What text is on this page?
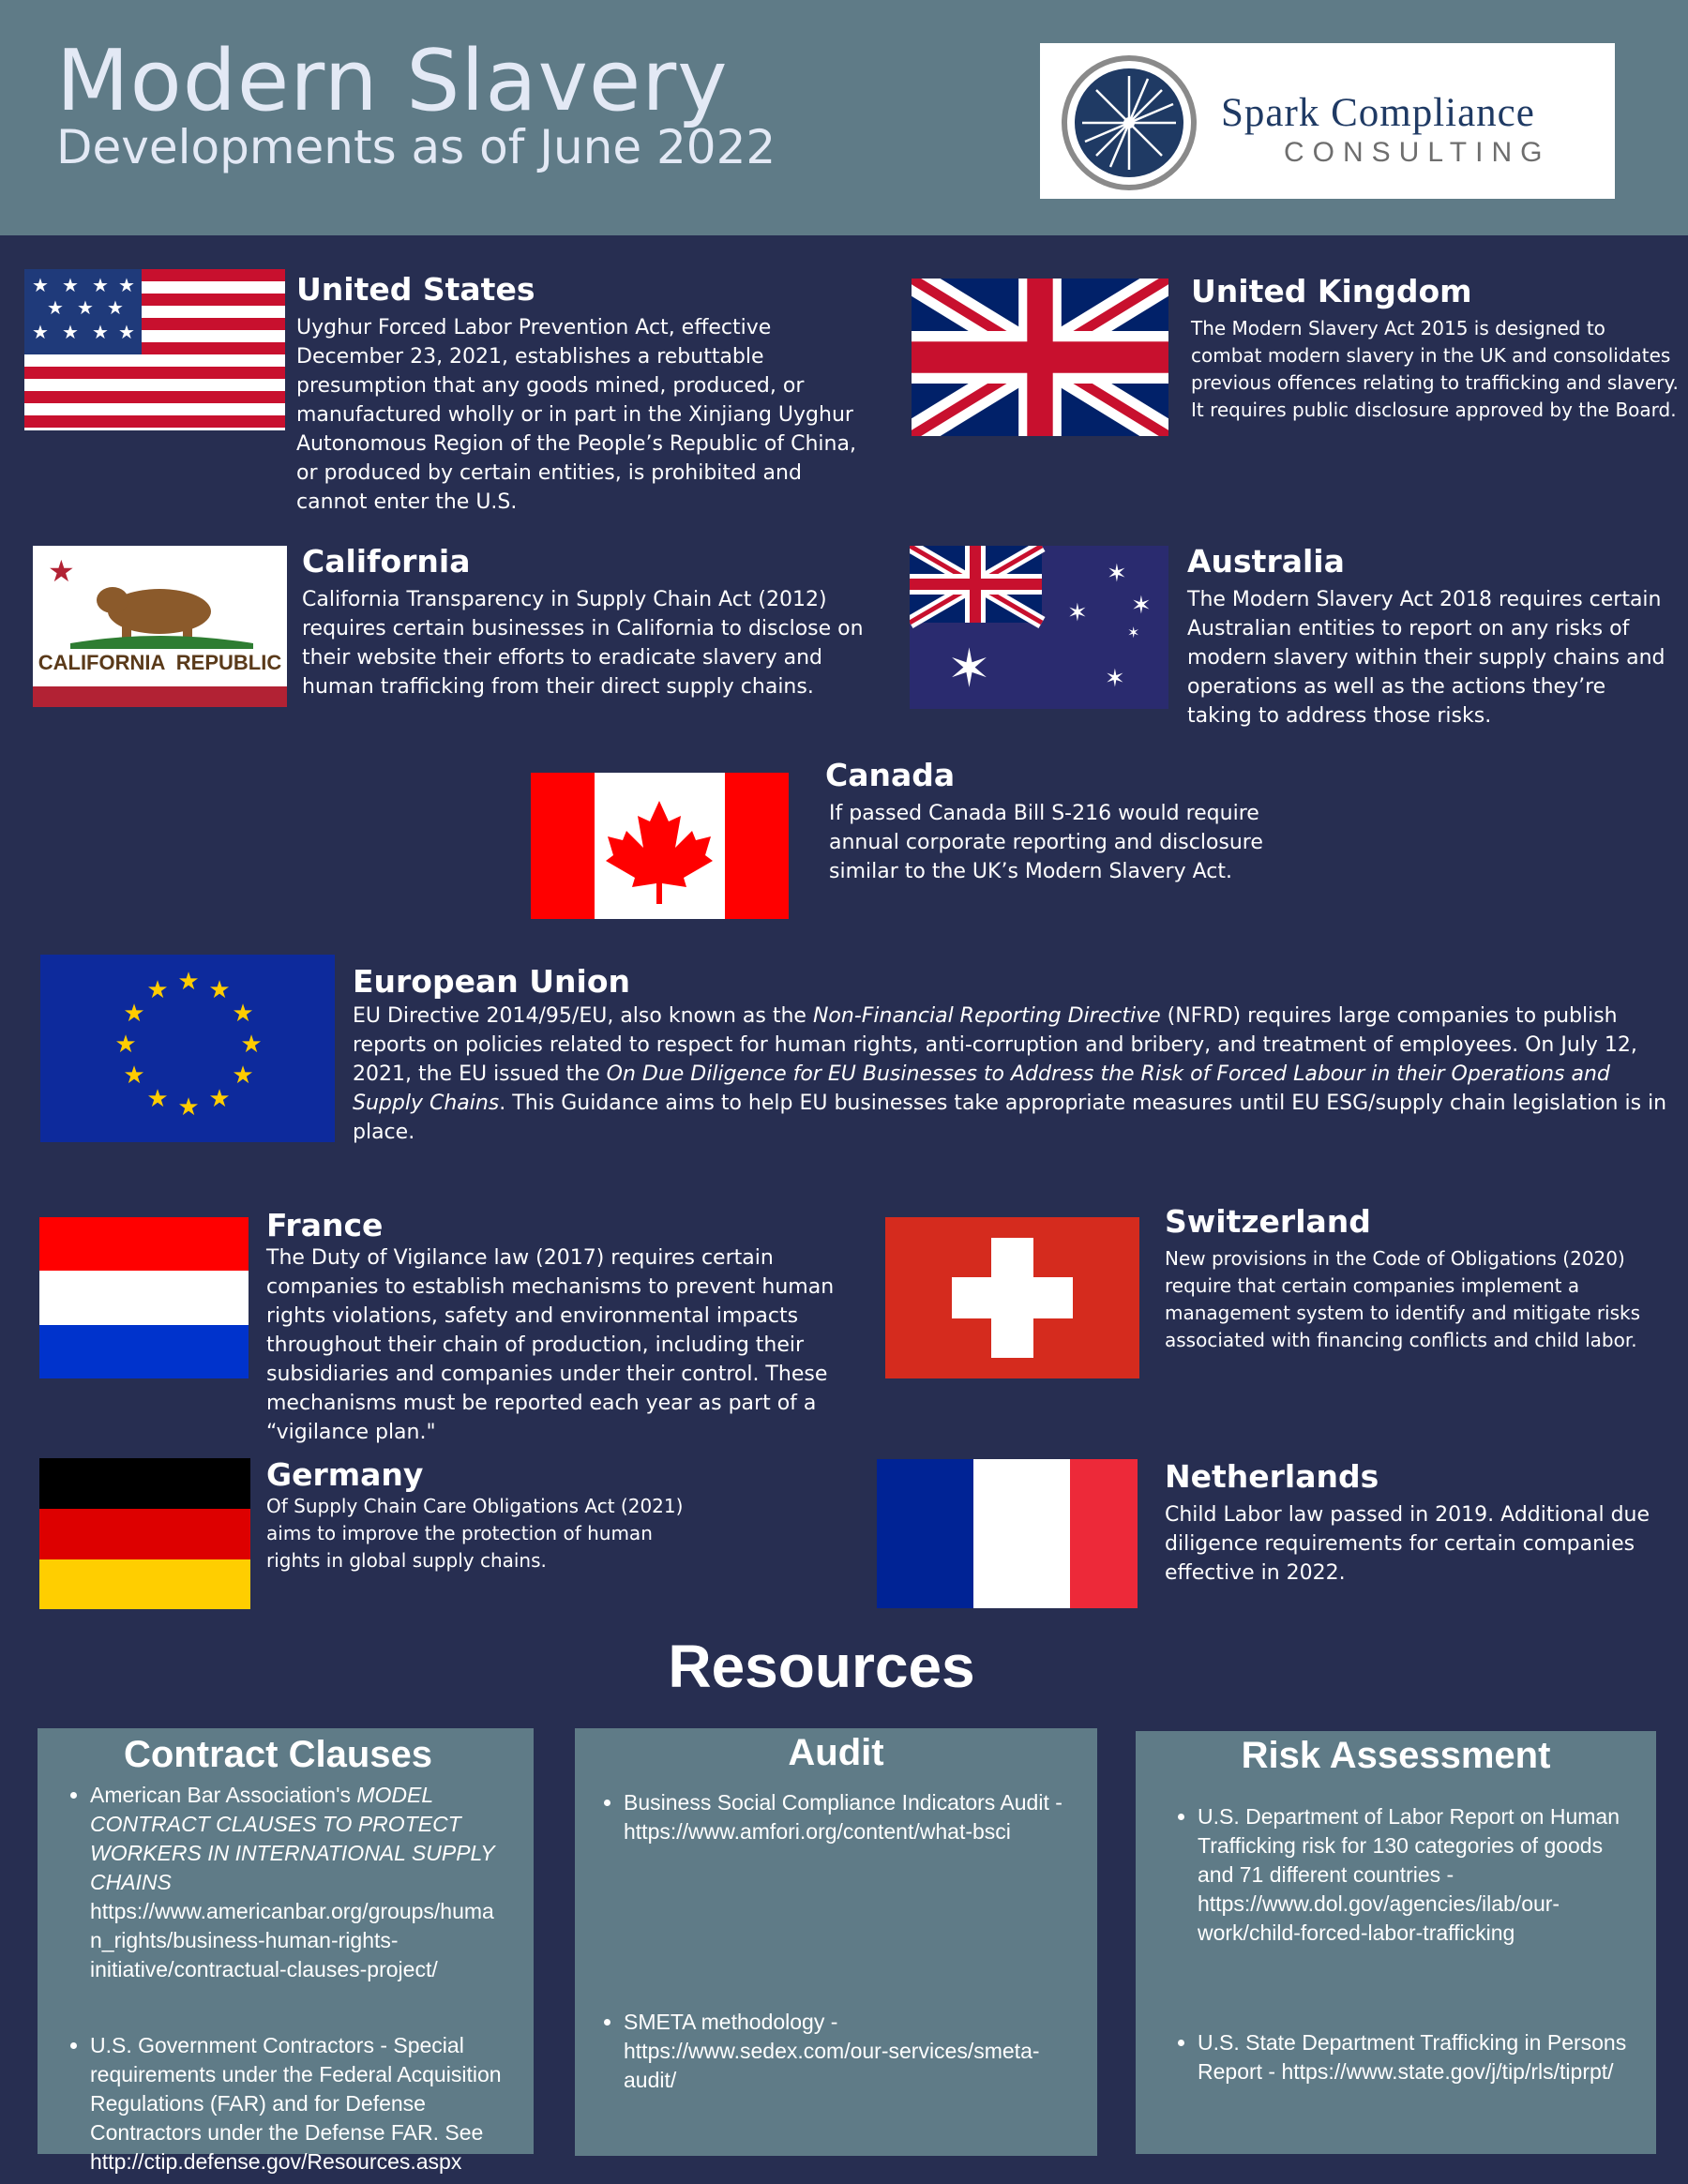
Modern Slavery
Developments as of June 2022
Spark Compliance
CONSULTING
★ ★ ★ ★
★ ★ ★
★ ★ ★ ★
United States

Uyghur Forced Labor Prevention Act, effective December 23, 2021, establishes a rebuttable presumption that any goods mined, produced, or manufactured wholly or in part in the Xinjiang Uyghur Autonomous Region of the People’s Republic of China, or produced by certain entities, is prohibited and cannot enter the U.S.

United Kingdom

The Modern Slavery Act 2015 is designed to combat modern slavery in the UK and consolidates previous offences relating to trafficking and slavery. It requires public disclosure approved by the Board.

★
CALIFORNIA  REPUBLIC
California

California Transparency in Supply Chain Act (2012) requires certain businesses in California to disclose on their website their efforts to eradicate slavery and human trafficking from their direct supply chains.	✶
✶
✶
✶
✶
✶
Australia

The Modern Slavery Act 2018 requires certain Australian entities to report on any risks of modern slavery within their supply chains and operations as well as the actions they’re taking to address those risks.

Canada

If passed Canada Bill S-216 would require annual corporate reporting and disclosure similar to the UK’s Modern Slavery Act.

★ ★
★
★
★
★
★
★
★
★
★
★	European Union

EU Directive 2014/95/EU, also known as the Non-Financial Reporting Directive (NFRD) requires large companies to publish reports on policies related to respect for human rights, anti-corruption and bribery, and treatment of employees. On July 12, 2021, the EU issued the On Due Diligence for EU Businesses to Address the Risk of Forced Labour in their Operations and Supply Chains. This Guidance aims to help EU businesses take appropriate measures until EU ESG/supply chain legislation is in place.

France

The Duty of Vigilance law (2017) requires certain companies to establish mechanisms to prevent human rights violations, safety and environmental impacts throughout their chain of production, including their subsidiaries and companies under their control. These mechanisms must be reported each year as part of a “vigilance plan."

Switzerland

New provisions in the Code of Obligations (2020) require that certain companies implement a management system to identify and mitigate risks associated with financing conflicts and child labor.

Germany

Of Supply Chain Care Obligations Act (2021) aims to improve the protection of human rights in global supply chains.

Netherlands

Child Labor law passed in 2019. Additional due diligence requirements for certain companies effective in 2022.

Resources
Contract Clauses
• American Bar Association's MODEL CONTRACT CLAUSES TO PROTECT WORKERS IN INTERNATIONAL SUPPLY CHAINS
https://www.americanbar.org/groups/huma n_rights/business-human-rights-initiative/contractual-clauses-project/
• U.S. Government Contractors - Special requirements under the Federal Acquisition Regulations (FAR) and for Defense Contractors under the Defense FAR. See http://ctip.defense.gov/Resources.aspx
Audit
• Business Social Compliance Indicators Audit - https://www.amfori.org/content/what-bsci
• SMETA methodology - https://www.sedex.com/our-services/smeta-audit/
Risk Assessment
• U.S. Department of Labor Report on Human Trafficking risk for 130 categories of goods and 71 different countries - https://www.dol.gov/agencies/ilab/our-work/child-forced-labor-trafficking
• U.S. State Department Trafficking in Persons Report - https://www.state.gov/j/tip/rls/tiprpt/
